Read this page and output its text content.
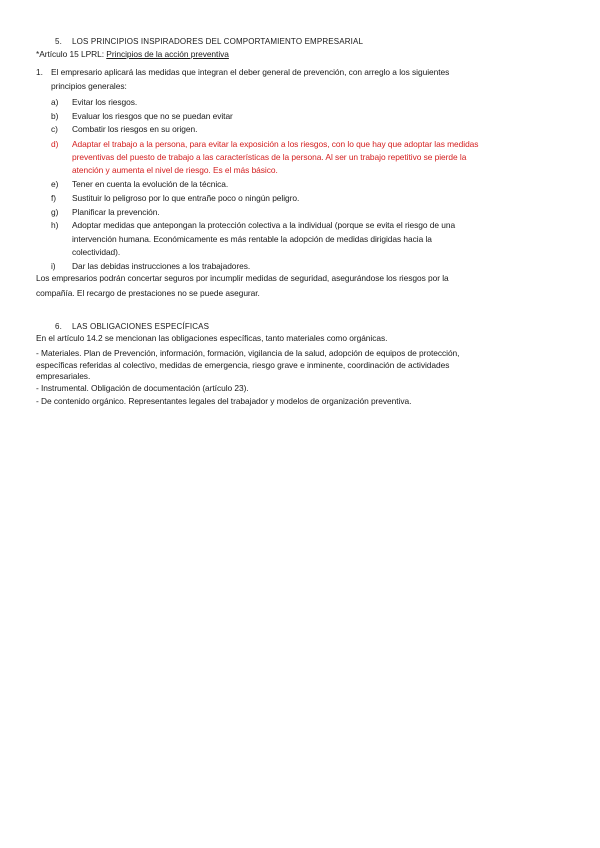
5. LOS PRINCIPIOS INSPIRADORES DEL COMPORTAMIENTO EMPRESARIAL
*Artículo 15 LPRL: Principios de la acción preventiva
1. El empresario aplicará las medidas que integran el deber general de prevención, con arreglo a los siguientes
principios generales:
a) Evitar los riesgos.
b) Evaluar los riesgos que no se puedan evitar
c) Combatir los riesgos en su origen.
d) Adaptar el trabajo a la persona, para evitar la exposición a los riesgos, con lo que hay que adoptar las medidas
preventivas del puesto de trabajo a las características de la persona. Al ser un trabajo repetitivo se pierde la
atención y aumenta el nivel de riesgo. Es el más básico.
e) Tener en cuenta la evolución de la técnica.
f) Sustituir lo peligroso por lo que entrañe poco o ningún peligro.
g) Planificar la prevención.
h) Adoptar medidas que antepongan la protección colectiva a la individual (porque se evita el riesgo de una
intervención humana. Económicamente es más rentable la adopción de medidas dirigidas hacia la
colectividad).
i) Dar las debidas instrucciones a los trabajadores.
Los empresarios podrán concertar seguros por incumplir medidas de seguridad, asegurándose los riesgos por la
compañía. El recargo de prestaciones no se puede asegurar.
6. LAS OBLIGACIONES ESPECÍFICAS
En el artículo 14.2 se mencionan las obligaciones específicas, tanto materiales como orgánicas.
- Materiales. Plan de Prevención, información, formación, vigilancia de la salud, adopción de equipos de protección,
específicas referidas al colectivo, medidas de emergencia, riesgo grave e inminente, coordinación de actividades
empresariales.
- Instrumental. Obligación de documentación (artículo 23).
- De contenido orgánico. Representantes legales del trabajador y modelos de organización preventiva.
